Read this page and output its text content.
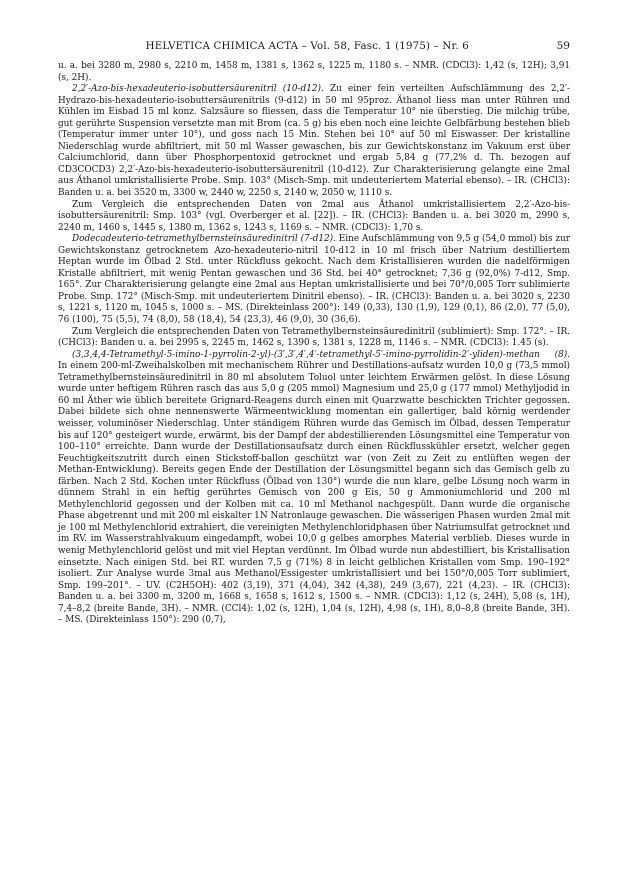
HELVETICA CHIMICA ACTA – Vol. 58, Fasc. 1 (1975) – Nr. 6	59

u. a. bei 3280 m, 2980 s, 2210 m, 1458 m, 1381 s, 1362 s, 1225 m, 1180 s. – NMR. (CDCl3): 1,42 (s, 12H); 3,91 (s, 2H).

2,2′-Azo-bis-hexadeuterio-isobuttersäurenitril (10-d12). Zu einer fein verteilten Aufschlämmung des 2,2′-Hydrazo-bis-hexadeuterio-isobuttersäurenitrils (9-d12) in 50 ml 95proz. Äthanol liess man unter Rühren und Kühlen im Eisbad 15 ml konz. Salzsäure so fliessen, dass die Temperatur 10° nie überstieg. Die milchig trübe, gut gerührte Suspension versetzte man mit Brom (ca. 5 g) bis eben noch eine leichte Gelbfärbung bestehen blieb (Temperatur immer unter 10°), und goss nach 15 Min. Stehen bei 10° auf 50 ml Eiswasser. Der kristalline Niederschlag wurde abfiltriert, mit 50 ml Wasser gewaschen, bis zur Gewichtskonstanz im Vakuum erst über Calciumchlorid, dann über Phosphorpentoxid getrocknet und ergab 5,84 g (77,2% d. Th. bezogen auf CD3COCD3) 2,2′-Azo-bis-hexadeuterio-isobuttersäurenitril (10-d12). Zur Charakterisierung gelangte eine 2mal aus Äthanol umkristallisierte Probe. Smp. 103° (Misch-Smp. mit undeuteriertem Material ebenso). – IR. (CHCl3): Banden u. a. bei 3520 m, 3300 w, 2440 w, 2250 s, 2140 w, 2050 w, 1110 s.

Zum Vergleich die entsprechenden Daten von 2mal aus Äthanol umkristallisiertem 2,2′-Azo-bis-isobuttersäurenitril: Smp. 103° (vgl. Overberger et al. [22]). – IR. (CHCl3): Banden u. a. bei 3020 m, 2990 s, 2240 m, 1460 s, 1445 s, 1380 m, 1362 s, 1243 s, 1169 s. – NMR. (CDCl3): 1,70 s.

Dodecadeuterio-tetramethylbernsteinsäuredinitril (7-d12). Eine Aufschlämmung von 9,5 g (54,0 mmol) bis zur Gewichtskonstanz getrocknetem Azo-hexadeuterio-nitril 10-d12 in 10 ml frisch über Natrium destilliertem Heptan wurde im Ölbad 2 Std. unter Rückfluss gekocht. Nach dem Kristallisieren wurden die nadelförmigen Kristalle abfiltriert, mit wenig Pentan gewaschen und 36 Std. bei 40° getrocknet; 7,36 g (92,0%) 7-d12, Smp. 165°. Zur Charakterisierung gelangte eine 2mal aus Heptan umkristallisierte und bei 70°/0,005 Torr sublimierte Probe. Smp. 172° (Misch-Smp. mit undeuteriertem Dinitril ebenso). – IR. (CHCl3): Banden u. a. bei 3020 s, 2230 s, 1221 s, 1120 m, 1045 s, 1000 s. – MS. (Direkteinlass 200°): 149 (0,33), 130 (1,9), 129 (0,1), 86 (2,0), 77 (5,0), 76 (100), 75 (5,5), 74 (8,0), 58 (18,4), 54 (23,3), 46 (9,0), 30 (36,6).

Zum Vergleich die entsprechenden Daten von Tetramethylbernsteinsäuredinitril (sublimiert): Smp. 172°. – IR. (CHCl3): Banden u. a. bei 2995 s, 2245 m, 1462 s, 1390 s, 1381 s, 1228 m, 1146 s. – NMR. (CDCl3): 1.45 (s).

(3,3,4,4-Tetramethyl-5-imino-1-pyrrolin-2-yl)-(3′,3′,4′,4′-tetramethyl-5′-imino-pyrrolidin-2′-yliden)-methan (8). In einem 200-ml-Zweihalskolben mit mechanischem Rührer und Destillations-aufsatz wurden 10,0 g (73,5 mmol) Tetramethylbernsteinsäuredinitril in 80 ml absolutem Toluol unter leichtem Erwärmen gelöst. In diese Lösung wurde unter heftigem Rühren rasch das aus 5,0 g (205 mmol) Magnesium und 25,0 g (177 mmol) Methyljodid in 60 ml Äther wie üblich bereitete Grignard-Reagens durch einen mit Quarzwatte beschickten Trichter gegossen. Dabei bildete sich ohne nennenswerte Wärmeentwicklung momentan ein gallertiger, bald körnig werdender weisser, voluminöser Niederschlag. Unter ständigem Rühren wurde das Gemisch im Ölbad, dessen Temperatur bis auf 120° gesteigert wurde, erwärmt, bis der Dampf der abdestillierenden Lösungsmittel eine Temperatur von 100–110° erreichte. Dann wurde der Destillationsaufsatz durch einen Rückflusskühler ersetzt, welcher gegen Feuchtigkeitszutritt durch einen Stickstoff-ballon geschützt war (von Zeit zu Zeit zu entlüften wegen der Methan-Entwicklung). Bereits gegen Ende der Destillation der Lösungsmittel begann sich das Gemisch gelb zu färben. Nach 2 Std. Kochen unter Rückfluss (Ölbad von 130°) wurde die nun klare, gelbe Lösung noch warm in dünnem Strahl in ein heftig gerührtes Gemisch von 200 g Eis, 50 g Ammoniumchlorid und 200 ml Methylenchlorid gegossen und der Kolben mit ca. 10 ml Methanol nachgespült. Dann wurde die organische Phase abgetrennt und mit 200 ml eiskalter 1N Natronlauge gewaschen. Die wässerigen Phasen wurden 2mal mit je 100 ml Methylenchlorid extrahiert, die vereinigten Methylenchloridphasen über Natriumsulfat getrocknet und im RV. im Wasserstrahlvakuum eingedampft, wobei 10,0 g gelbes amorphes Material verblieb. Dieses wurde in wenig Methylenchlorid gelöst und mit viel Heptan verdünnt. Im Ölbad wurde nun abdestilliert, bis Kristallisation einsetzte. Nach einigen Std. bei RT. wurden 7,5 g (71%) 8 in leicht gelblichen Kristallen vom Smp. 190–192° isoliert. Zur Analyse wurde 3mal aus Methanol/Essigester umkristallisiert und bei 150°/0,005 Torr sublimiert, Smp. 199–201°. – UV. (C2H5OH): 402 (3,19), 371 (4,04), 342 (4,38), 249 (3,67), 221 (4,23). – IR. (CHCl3): Banden u. a. bei 3300 m, 3200 m, 1668 s, 1658 s, 1612 s, 1500 s. – NMR. (CDCl3): 1,12 (s, 24H), 5,08 (s, 1H), 7,4–8,2 (breite Bande, 3H). – NMR. (CCl4): 1,02 (s, 12H), 1,04 (s, 12H), 4,98 (s, 1H), 8,0–8,8 (breite Bande, 3H). – MS. (Direkteinlass 150°): 290 (0,7),
